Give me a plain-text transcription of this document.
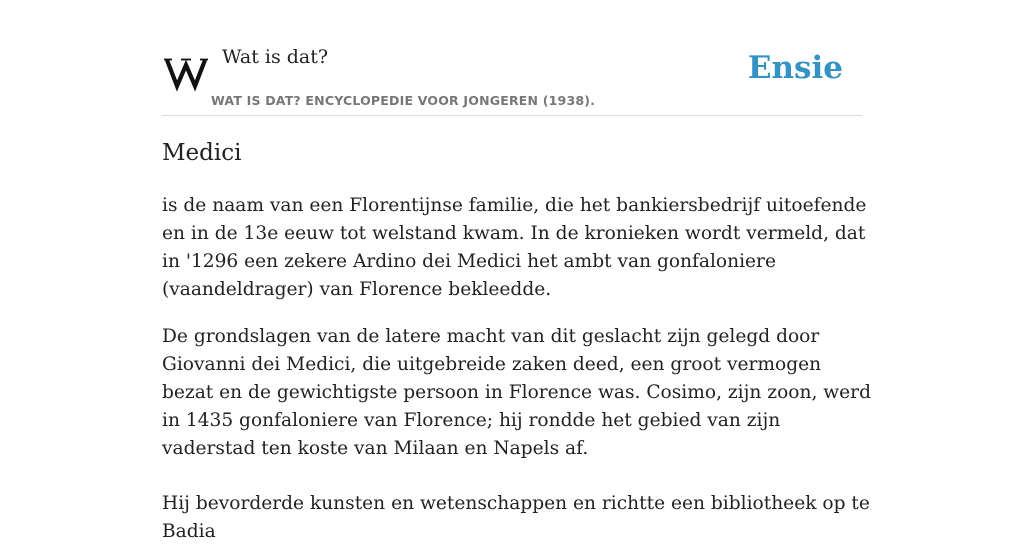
Wat is dat?
WAT IS DAT? ENCYCLOPEDIE VOOR JONGEREN (1938).
Ensie
Medici

is de naam van een Florentijnse familie, die het bankiersbedrijf uitoefende en in de 13e eeuw tot welstand kwam. In de kronieken wordt vermeld, dat in '1296 een zekere Ardino dei Medici het ambt van gonfaloniere (vaandeldrager) van Florence bekleedde.

De grondslagen van de latere macht van dit geslacht zijn gelegd door Giovanni dei Medici, die uitgebreide zaken deed, een groot vermogen bezat en de gewichtigste persoon in Florence was. Cosimo, zijn zoon, werd in 1435 gonfaloniere van Florence; hij rondde het gebied van zijn vaderstad ten koste van Milaan en Napels af.

Hij bevorderde kunsten en wetenschappen en richtte een bibliotheek op te Badia
